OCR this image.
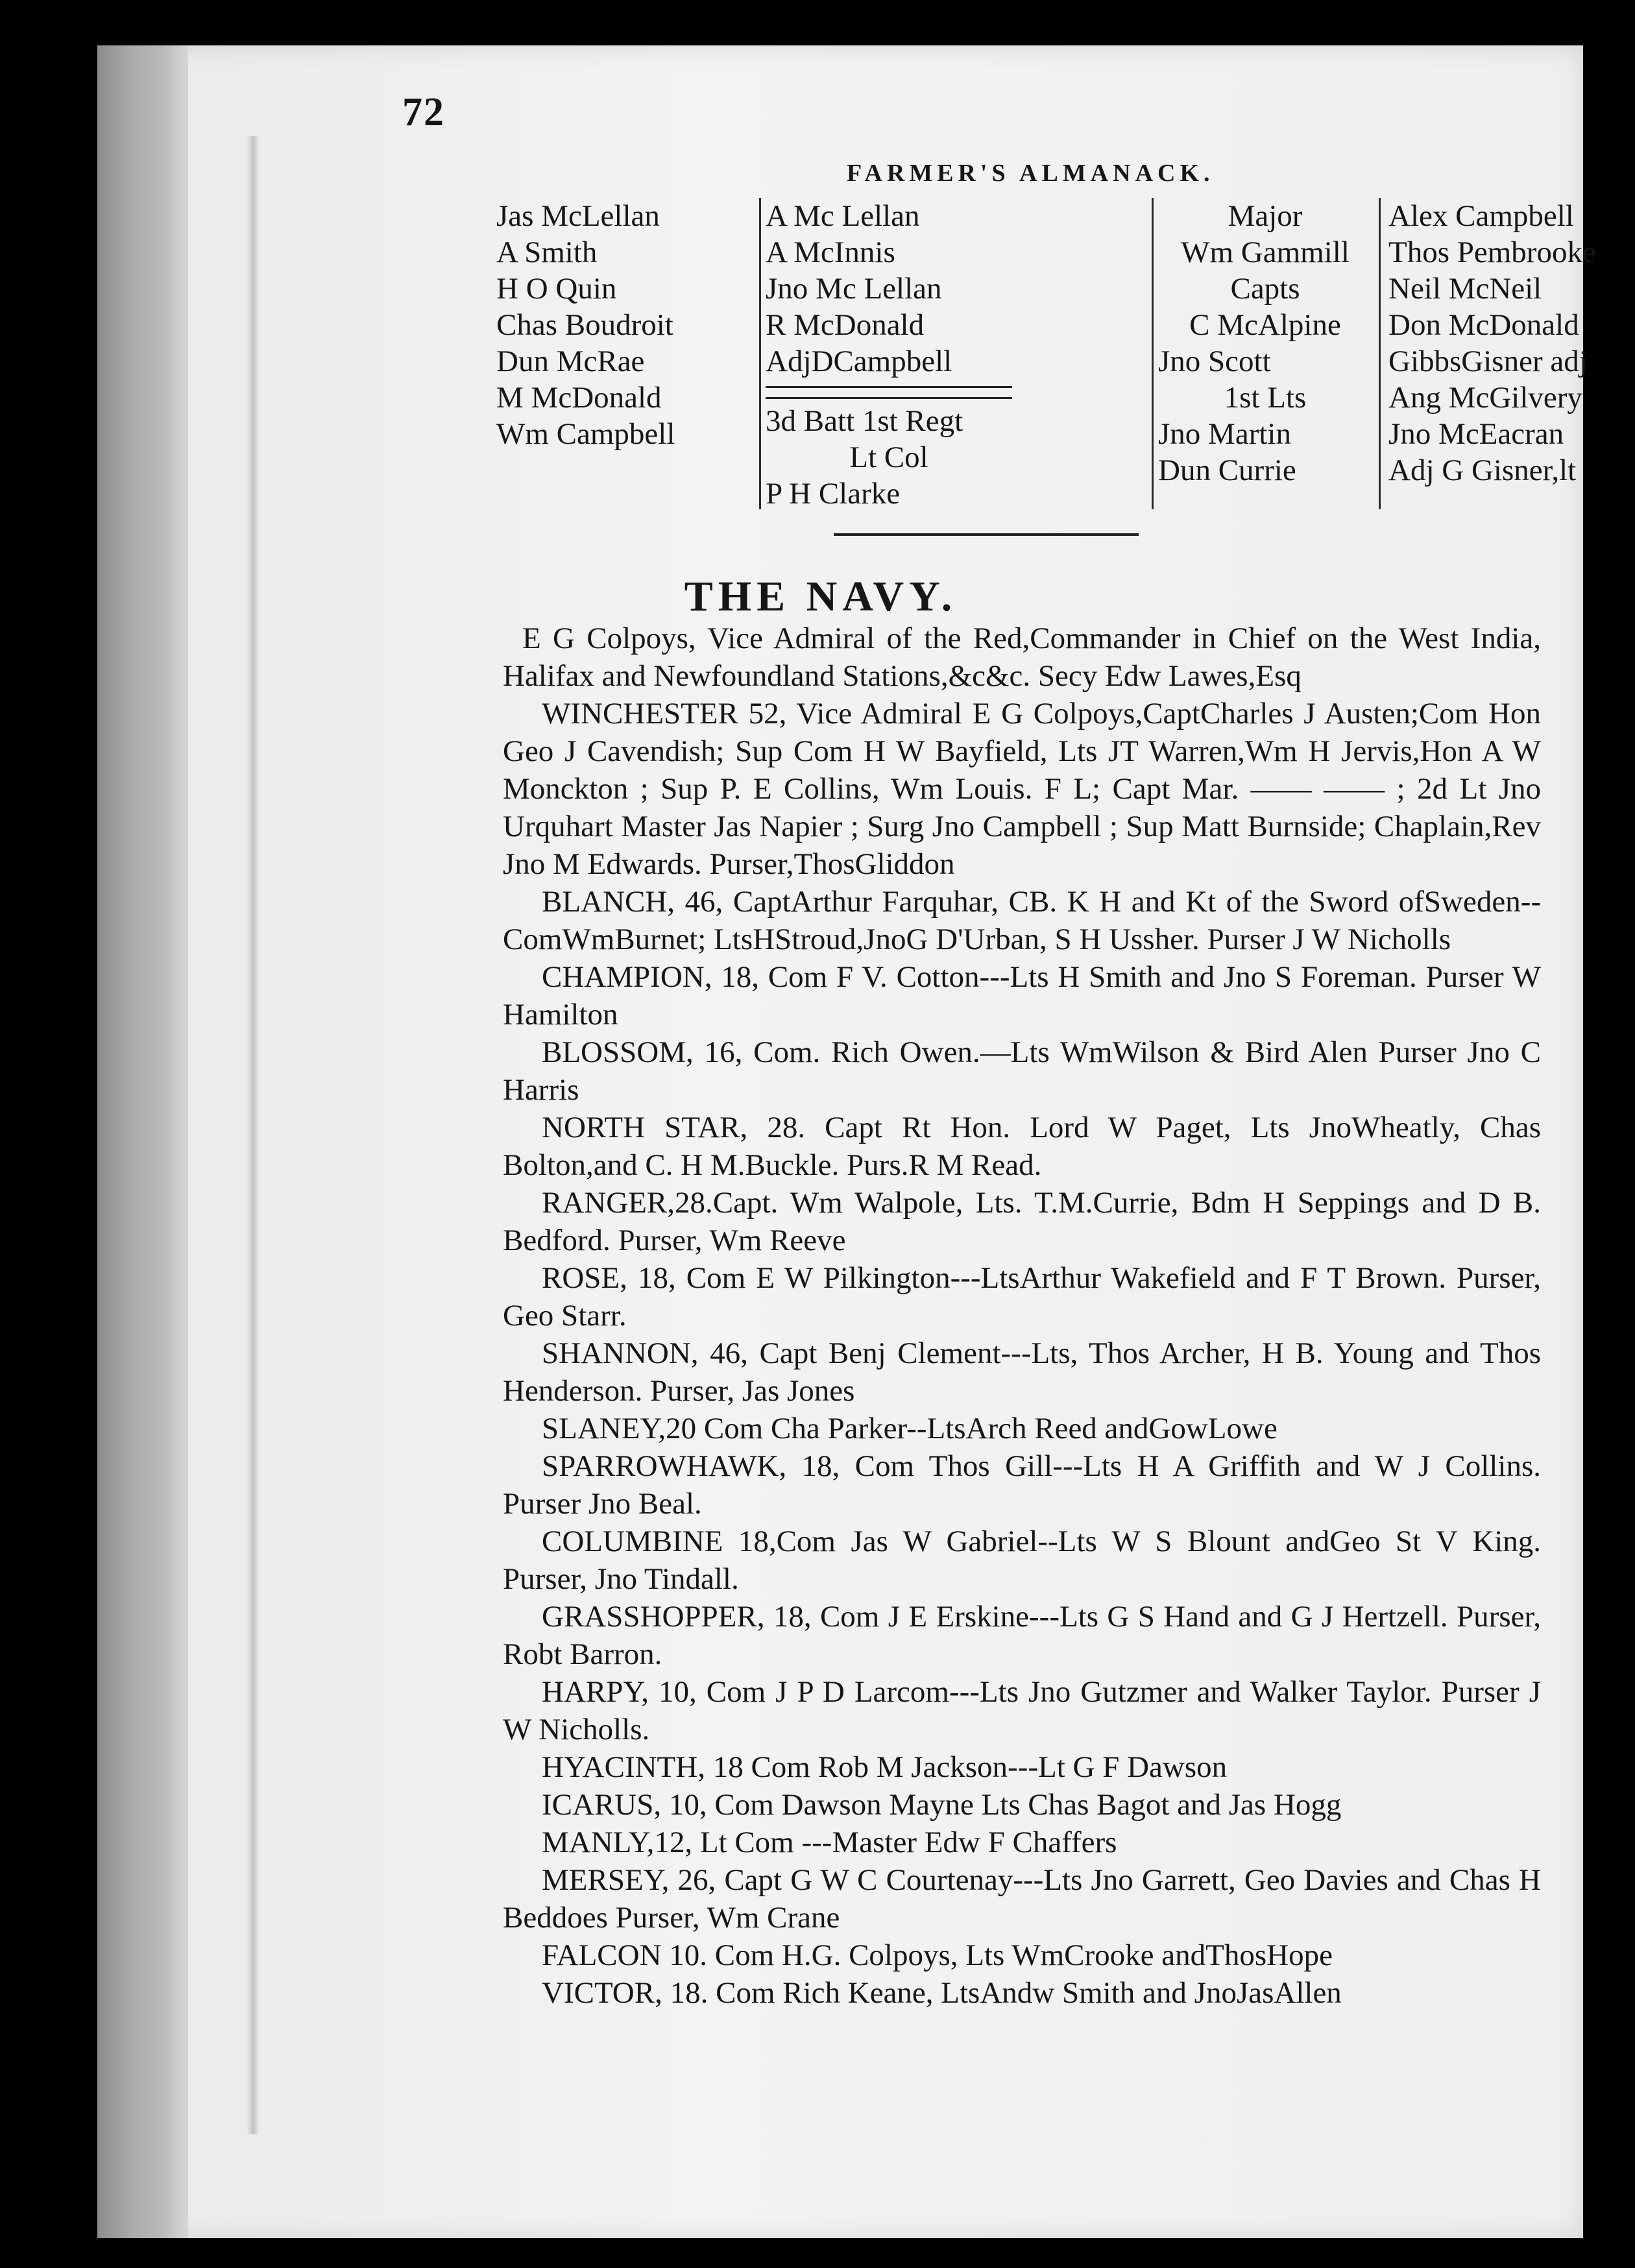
72
FARMER'S ALMANACK.
Jas McLellan
A Smith
H O Quin
Chas Boudroit
Dun McRae
M McDonald
Wm Campbell
A Mc Lellan
A McInnis
Jno Mc Lellan
R McDonald
AdjDCampbell
3d Batt 1st Regt
Lt Col
P H Clarke
Major
Wm Gammill
Capts
C McAlpine
Jno Scott
1st Lts
Jno Martin
Dun Currie
Alex Campbell
Thos Pembrooke
Neil McNeil
Don McDonald
GibbsGisner adj
Ang McGilvery
Jno McEacran
Adj G Gisner,lt
THE NAVY.

E G Colpoys, Vice Admiral of the Red,Commander in Chief on the West India, Halifax and Newfoundland Stations,&c&c. Secy Edw Lawes,Esq

WINCHESTER 52, Vice Admiral E G Colpoys,CaptCharles J Austen;Com Hon Geo J Cavendish; Sup Com H W Bayfield, Lts JT Warren,Wm H Jervis,Hon A W Monckton ; Sup P. E Collins, Wm Louis. F L; Capt Mar. —— —— ; 2d Lt Jno Urquhart Master Jas Napier ; Surg Jno Campbell ; Sup Matt Burnside; Chaplain,Rev Jno M Edwards. Purser,ThosGliddon

BLANCH, 46, CaptArthur Farquhar, CB. K H and Kt of the Sword ofSweden--ComWmBurnet; LtsHStroud,JnoG D'Urban, S H Ussher. Purser J W Nicholls

CHAMPION, 18, Com F V. Cotton---Lts H Smith and Jno S Foreman. Purser W Hamilton

BLOSSOM, 16, Com. Rich Owen.—Lts WmWilson & Bird Alen Purser Jno C Harris

NORTH STAR, 28. Capt Rt Hon. Lord W Paget, Lts JnoWheatly, Chas Bolton,and C. H M.Buckle. Purs.R M Read.

RANGER,28.Capt. Wm Walpole, Lts. T.M.Currie, Bdm H Seppings and D B. Bedford. Purser, Wm Reeve

ROSE, 18, Com E W Pilkington---LtsArthur Wakefield and F T Brown. Purser, Geo Starr.

SHANNON, 46, Capt Benj Clement---Lts, Thos Archer, H B. Young and Thos Henderson. Purser, Jas Jones

SLANEY,20 Com Cha Parker--LtsArch Reed andGowLowe

SPARROWHAWK, 18, Com Thos Gill---Lts H A Griffith and W J Collins. Purser Jno Beal.

COLUMBINE 18,Com Jas W Gabriel--Lts W S Blount andGeo St V King. Purser, Jno Tindall.

GRASSHOPPER, 18, Com J E Erskine---Lts G S Hand and G J Hertzell. Purser, Robt Barron.

HARPY, 10, Com J P D Larcom---Lts Jno Gutzmer and Walker Taylor. Purser J W Nicholls.

HYACINTH, 18 Com Rob M Jackson---Lt G F Dawson

ICARUS, 10, Com Dawson Mayne Lts Chas Bagot and Jas Hogg

MANLY,12, Lt Com ---Master Edw F Chaffers

MERSEY, 26, Capt G W C Courtenay---Lts Jno Garrett, Geo Davies and Chas H Beddoes Purser, Wm Crane

FALCON 10. Com H.G. Colpoys, Lts WmCrooke andThosHope

VICTOR, 18. Com Rich Keane, LtsAndw Smith and JnoJasAllen
